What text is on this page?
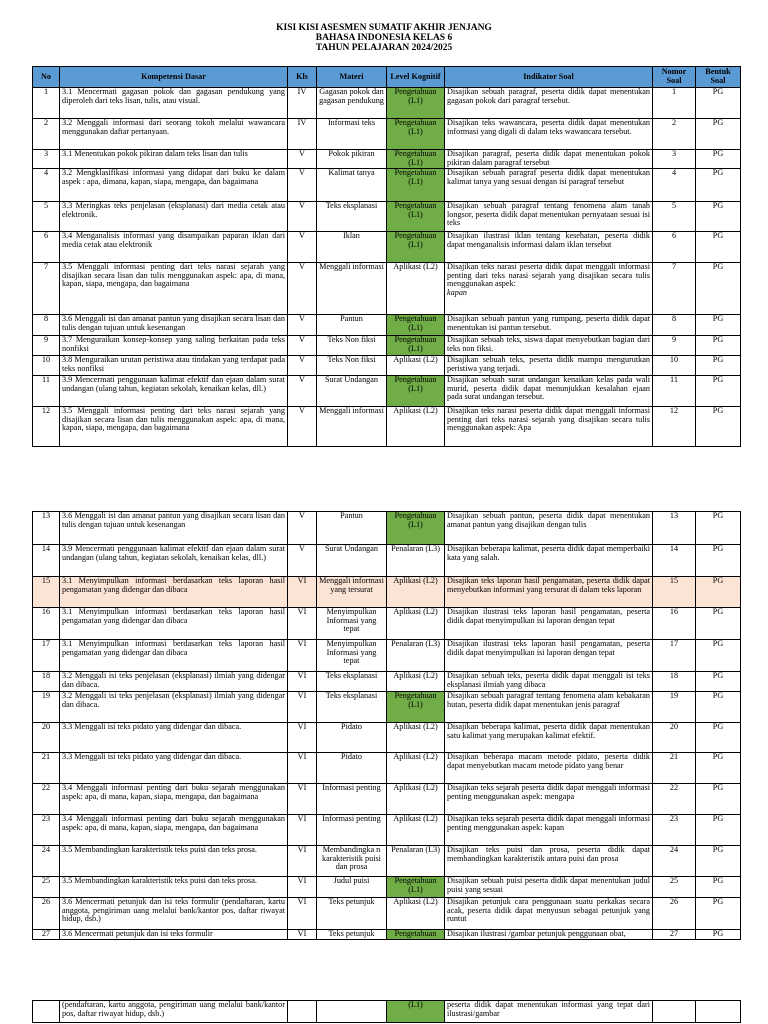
KISI KISI ASESMEN SUMATIF AKHIR JENJANG
BAHASA INDONESIA KELAS 6
TAHUN PELAJARAN 2024/2025
No	Kompetensi Dasar	Kls	Materi	Level Kognitif	Indikator Soal	Nomor Soal	Bentuk Soal
1	3.1 Mencermati gagasan pokok dan gagasan pendukung yang diperoleh dari teks lisan, tulis, atau visual.	IV	Gagasan pokok dan gagasan pendukung	Pengetahuan (L1)	Disajikan sebuah paragraf, peserta didik dapat menentukan gagasan pokok dari paragraf tersebut.	1	PG
2	3.2 Menggali informasi dari seorang tokoh melalui wawancara menggunakan daftar pertanyaan.	IV	Informasi teks	Pengetahuan (L1)	Disajikan teks wawancara, peserta didik dapat menentukan informasi yang digali di dalam teks wawancara tersebut.	2	PG
3	3.1 Menentukan pokok pikiran dalam teks lisan dan tulis	V	Pokok pikiran	Pengetahuan (L1)	Disajikan paragraf, peserta didik dapat menentukan pokok pikiran dalam paragraf tersebut	3	PG
4	3.2 Mengklasifikasi informasi yang didapat dari buku ke dalam aspek : apa, dimana, kapan, siapa, mengapa, dan bagaimana	V	Kalimat tanya	Pengetahuan (L1)	Disajikan sebuah paragraf peserta didik dapat menentukan kalimat tanya yang sesuai dengan isi paragraf tersebut	4	PG
5	3.3 Meringkas teks penjelasan (eksplanasi) dari media cetak atau elektronik.	V	Teks eksplanasi	Pengetahuan (L1)	Disajikan sebuah paragraf tentang fenomena alam tanah longsor, peserta didik dapat menentukan pernyataan sesuai isi teks	5	PG
6	3.4 Menganalisis informasi yang disampaikan paparan iklan dari media cetak atau elektronik	V	Iklan	Pengetahuan (L1)	Disajikan ilustrasi iklan tentang kesehatan, peserta didik dapat menganalisis informasi dalam iklan tersebut	6	PG
7	3.5 Menggali informasi penting dari teks narasi sejarah yang disajikan secara lisan dan tulis menggunakan aspek: apa, di mana, kapan, siapa, mengapa, dan bagaimana	V	Menggali informasi	Aplikasi (L2)	Disajikan teks narasi peserta didik dapat menggali informasi penting dari teks narasi sejarah yang disajikan secara tulis menggunakan aspek:
kapan	7	PG
8	3.6 Menggali isi dan amanat pantun yang disajikan secara lisan dan tulis dengan tujuan untuk kesenangan	V	Pantun	Pengetahuan (L1)	Disajikan sebuah pantun yang rumpang, peserta didik dapat menentukan isi pantun tersebut.	8	PG
9	3.7 Menguraikan konsep-konsep yang saling berkaitan pada teks nonfiksi	V	Teks Non fiksi	Pengetahuan (L1)	Disajikan sebuah teks, siswa dapat menyebutkan bagian dari teks non fiksi.	9	PG
10	3.8 Menguraikan urutan peristiwa atau tindakan yang terdapat pada teks nonfiksi	V	Teks Non fiksi	Aplikasi (L2)	Disajikan sebuah teks, peserta didik mampu mengurutkan peristiwa yang terjadi.	10	PG
11	3.9 Mencermati penggunaan kalimat efektif dan ejaan dalam surat undangan (ulang tahun, kegiatan sekolah, kenaikan kelas, dll.)	V	Surat Undangan	Pengetahuan (L1)	Disajikan sebuah surat undangan kenaikan kelas pada wali murid, peserta didik dapat menunjukkan kesalahan ejaan pada surat undangan tersebut.	11	PG
12	3.5 Menggali informasi penting dari teks narasi sejarah yang disajikan secara lisan dan tulis menggunakan aspek: apa, di mana, kapan, siapa, mengapa, dan bagaimana	V	Menggali informasi	Aplikasi (L2)	Disajikan teks narasi peserta didik dapat menggali informasi penting dari teks narasi sejarah yang disajikan secara tulis menggunakan aspek: Apa	12	PG
13	3.6 Menggali isi dan amanat pantun yang disajikan secara lisan dan tulis dengan tujuan untuk kesenangan	V	Pantun	Pengetahuan (L1)	Disajikan sebuah pantun, peserta didik dapat menentukan amanat pantun yang disajikan dengan tulis	13	PG
14	3.9 Mencermati penggunaan kalimat efektif dan ejaan dalam surat undangan (ulang tahun, kegiatan sekolah, kenaikan kelas, dll.)	V	Surat Undangan	Penalaran (L3)	Disajikan beberapa kalimat, peserta didik dapat memperbaiki kata yang salah.	14	PG
15	3.1 Menyimpulkan informasi berdasarkan teks laporan hasil pengamatan yang didengar dan dibaca	VI	Menggali informasi yang tersurat	Aplikasi (L2)	Disajikan teks laporan hasil pengamatan, peserta didik dapat menyebutkan informasi yang tersurat di dalam teks laporan	15	PG
16	3.1 Menyimpulkan informasi berdasarkan teks laporan hasil pengamatan yang didengar dan dibaca	VI	Menyimpulkan Informasi yang tepat	Aplikasi (L2)	Disajikan ilustrasi teks laporan hasil pengamatan, peserta didik dapat menyimpulkan isi laporan dengan tepat	16	PG
17	3.1 Menyimpulkan informasi berdasarkan teks laporan hasil pengamatan yang didengar dan dibaca	VI	Menyimpulkan Informasi yang tepat	Penalaran (L3)	Disajikan ilustrasi teks laporan hasil pengamatan, peserta didik dapat menyimpulkan isi laporan dengan tepat	17	PG
18	3.2 Menggali isi teks penjelasan (eksplanasi) ilmiah yang didengar dan dibaca.	VI	Teks eksplanasi	Aplikasi (L2)	Disajikan sebuah teks, peserta didik dapat menggali isi teks eksplanasi ilmiah yang dibaca	18	PG
19	3.2 Menggali isi teks penjelasan (eksplanasi) ilmiah yang didengar dan dibaca.	VI	Teks eksplanasi	Pengetahuan (L1)	Disajikan sebuah paragraf tentang fenomena alam kebakaran hutan, peserta didik dapat menentukan jenis paragraf	19	PG
20	3.3 Menggali isi teks pidato yang didengar dan dibaca.	VI	Pidato	Aplikasi (L2)	Disajikan beberapa kalimat, peserta didik dapat menentukan satu kalimat yang merupakan kalimat efektif.	20	PG
21	3.3 Menggali isi teks pidato yang didengar dan dibaca.	VI	Pidato	Aplikasi (L2)	Disajikan beberapa macam metode pidato, peserta didik dapat menyebutkan macam metode pidato yang benar	21	PG
22	3.4 Menggali informasi penting dari buku sejarah menggunakan aspek: apa, di mana, kapan, siapa, mengapa, dan bagaimana	VI	Informasi penting	Aplikasi (L2)	Disajikan teks sejarah peserta didik dapat menggali informasi penting menggunakan aspek: mengapa	22	PG
23	3.4 Menggali informasi penting dari buku sejarah menggunakan aspek: apa, di mana, kapan, siapa, mengapa, dan bagaimana	VI	Informasi penting	Aplikasi (L2)	Disajikan teks sejarah peserta didik dapat menggali informasi penting menggunakan aspek: kapan	23	PG
24	3.5 Membandingkan karakteristik teks puisi dan teks prosa.	VI	Membandingka n karakteristik puisi dan prosa	Penalaran (L3)	Disajikan teks puisi dan prosa, peserta didik dapat membandingkan karakteristik antara puisi dan prosa	24	PG
25	3.5 Membandingkan karakteristik teks puisi dan teks prosa.	VI	Judul puisi	Pengetahuan (L1)	Disajikan sebuah puisi peserta didik dapat menentukan judul puisi yang sesuai	25	PG
26	3.6 Mencermati petunjuk dan isi teks formulir (pendaftaran, kartu anggota, pengiriman uang melalui bank/kantor pos, daftar riwayat hidup, dsb.)	VI	Teks petunjuk	Aplikasi (L2)	Disajikan petunjuk cara penggunaan suatu perkakas secara acak, peserta didik dapat menyusun sebagai petunjuk yang runtut	26	PG
27	3.6 Mencermati petunjuk dan isi teks formulir	VI	Teks petunjuk	Pengetahuan	Disajikan ilustrasi /gambar petunjuk penggunaan obat,	27	PG
	(pendaftaran, kartu anggota, pengiriman uang melalui bank/kantor pos, daftar riwayat hidup, dsb.)			(L1)	peserta didik dapat menentukan informasi yang tepat dari ilustrasi/gambar		
